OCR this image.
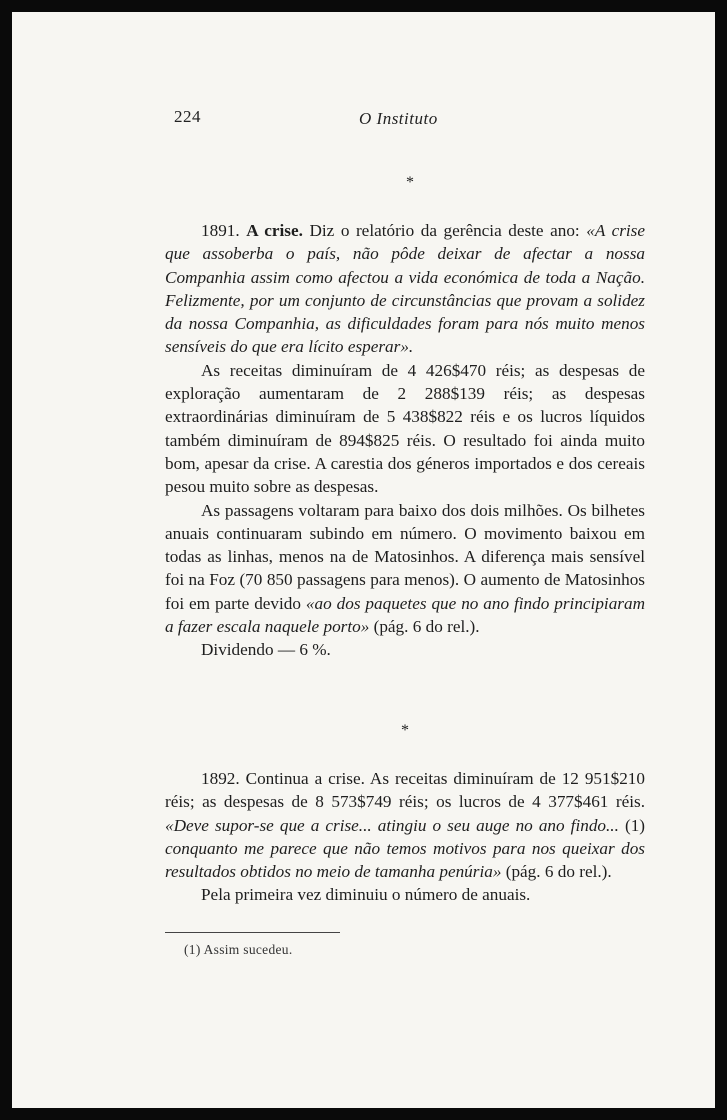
224	O Instituto
*

1891. A crise. Diz o relatório da gerência deste ano: «A crise que assoberba o país, não pôde deixar de afectar a nossa Companhia assim como afectou a vida económica de toda a Nação. Felizmente, por um conjunto de circunstâncias que provam a solidez da nossa Companhia, as dificuldades foram para nós muito menos sensíveis do que era lícito esperar».

As receitas diminuíram de 4 426$470 réis; as despesas de exploração aumentaram de 2 288$139 réis; as despesas extraordinárias diminuíram de 5 438$822 réis e os lucros líquidos também diminuíram de 894$825 réis. O resultado foi ainda muito bom, apesar da crise. A carestia dos géneros importados e dos cereais pesou muito sobre as despesas.

As passagens voltaram para baixo dos dois milhões. Os bilhetes anuais continuaram subindo em número. O movimento baixou em todas as linhas, menos na de Matosinhos. A diferença mais sensível foi na Foz (70 850 passagens para menos). O aumento de Matosinhos foi em parte devido «ao dos paquetes que no ano findo principiaram a fazer escala naquele porto» (pág. 6 do rel.).

Dividendo — 6 %.

*

1892. Continua a crise. As receitas diminuíram de 12 951$210 réis; as despesas de 8 573$749 réis; os lucros de 4 377$461 réis. «Deve supor-se que a crise... atingiu o seu auge no ano findo... (1) conquanto me parece que não temos motivos para nos queixar dos resultados obtidos no meio de tamanha penúria» (pág. 6 do rel.).

Pela primeira vez diminuiu o número de anuais.

(1) Assim sucedeu.
